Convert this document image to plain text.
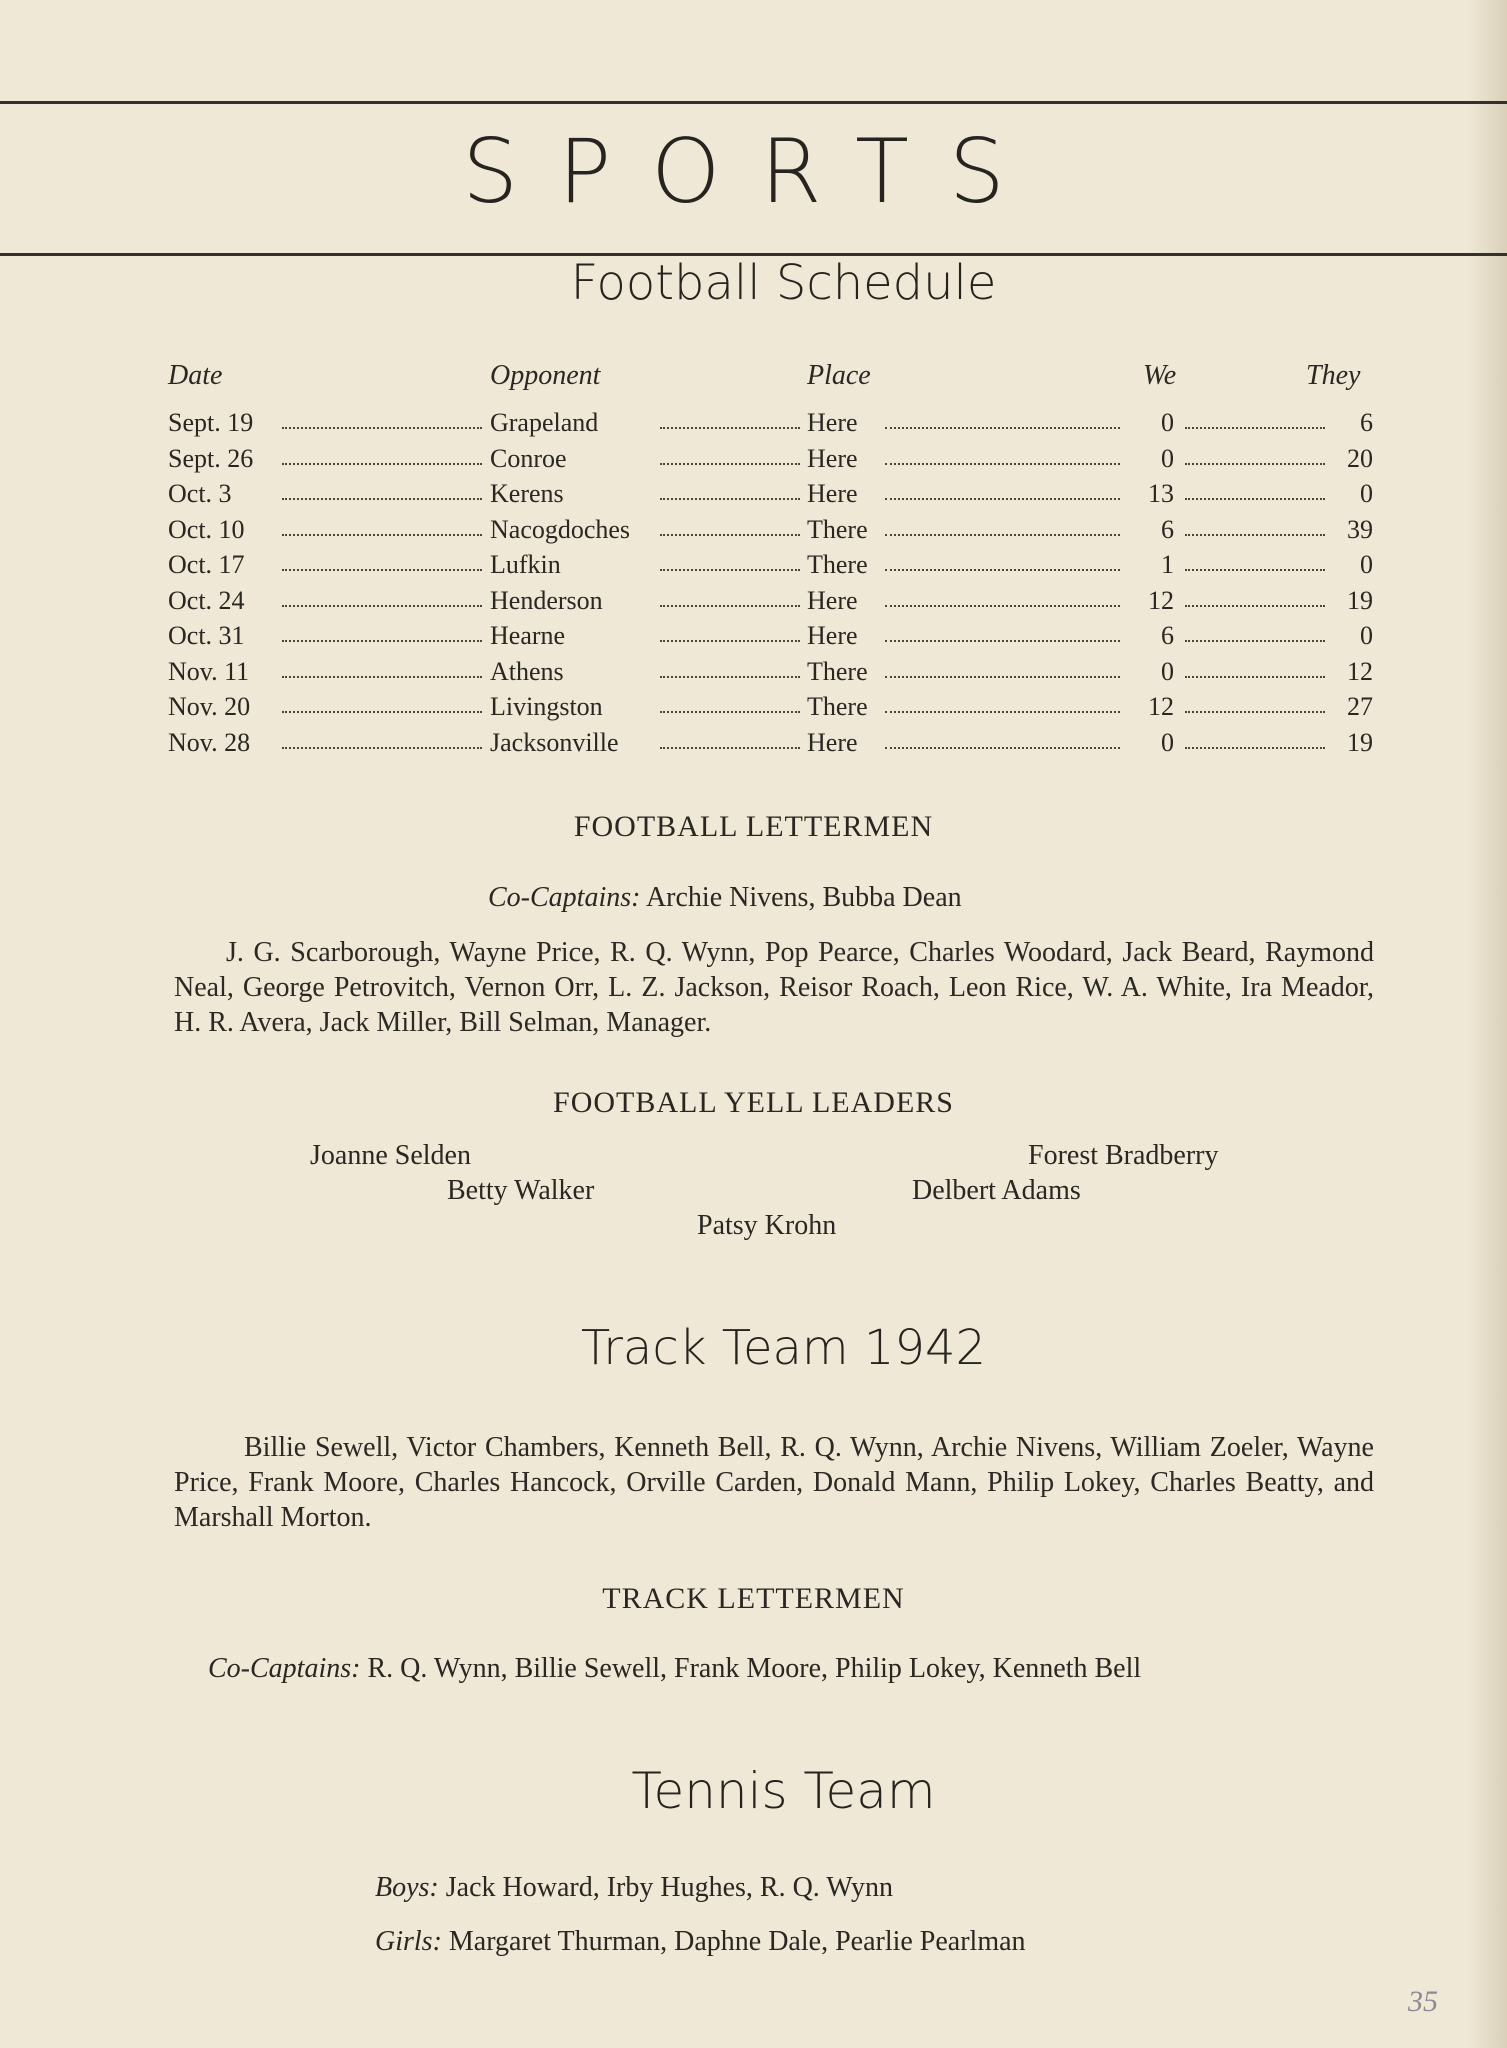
SPORTS
Football Schedule
Date	Opponent	Place	We	They
Sept. 19	Grapeland	Here	0	6
Sept. 26	Conroe	Here	0	20
Oct. 3	Kerens	Here	13	0
Oct. 10	Nacogdoches	There	6	39
Oct. 17	Lufkin	There	1	0
Oct. 24	Henderson	Here	12	19
Oct. 31	Hearne	Here	6	0
Nov. 11	Athens	There	0	12
Nov. 20	Livingston	There	12	27
Nov. 28	Jacksonville	Here	0	19
FOOTBALL LETTERMEN
Co-Captains: Archie Nivens, Bubba Dean
J. G. Scarborough, Wayne Price, R. Q. Wynn, Pop Pearce, Charles Woodard, Jack Beard, Raymond Neal, George Petrovitch, Vernon Orr, L. Z. Jackson, Reisor Roach, Leon Rice, W. A. White, Ira Meador, H. R. Avera, Jack Miller, Bill Selman, Manager.
FOOTBALL YELL LEADERS
Joanne Selden	Forest Bradberry
Betty Walker	Delbert Adams
Patsy Krohn
Track Team 1942
Billie Sewell, Victor Chambers, Kenneth Bell, R. Q. Wynn, Archie Nivens, William Zoeler, Wayne Price, Frank Moore, Charles Hancock, Orville Carden, Donald Mann, Philip Lokey, Charles Beatty, and Marshall Morton.
TRACK LETTERMEN
Co-Captains: R. Q. Wynn, Billie Sewell, Frank Moore, Philip Lokey, Kenneth Bell
Tennis Team
Boys: Jack Howard, Irby Hughes, R. Q. Wynn
Girls: Margaret Thurman, Daphne Dale, Pearlie Pearlman
35
